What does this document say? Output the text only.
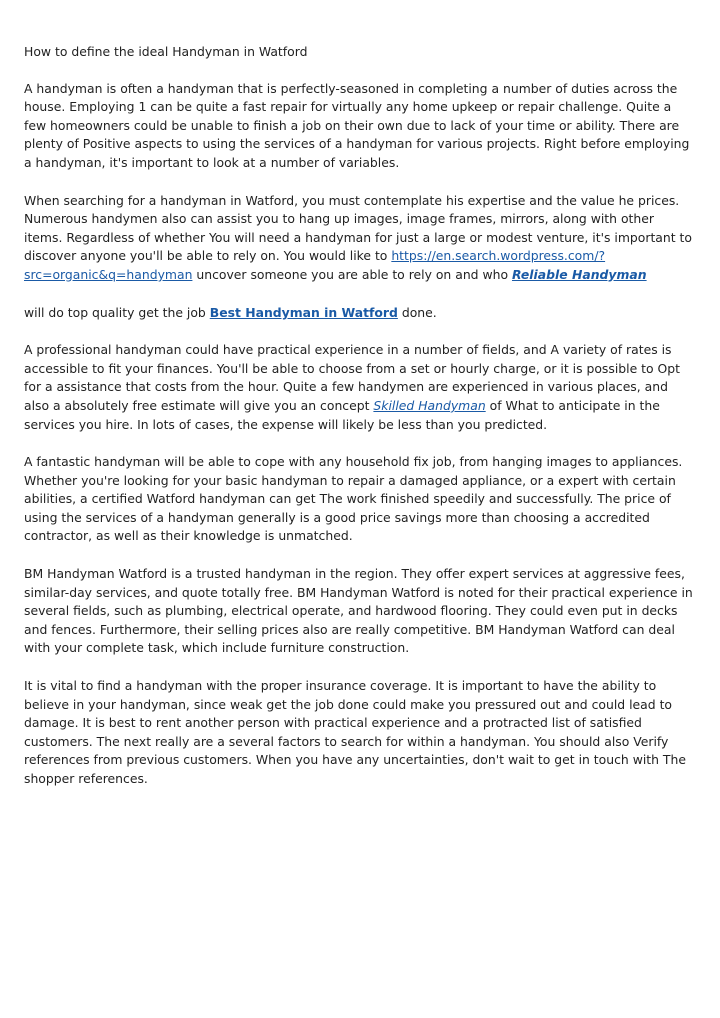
How to define the ideal Handyman in Watford

A handyman is often a handyman that is perfectly-seasoned in completing a number of duties across the house. Employing 1 can be quite a fast repair for virtually any home upkeep or repair challenge. Quite a few homeowners could be unable to finish a job on their own due to lack of your time or ability. There are plenty of Positive aspects to using the services of a handyman for various projects. Right before employing a handyman, it's important to look at a number of variables.

When searching for a handyman in Watford, you must contemplate his expertise and the value he prices. Numerous handymen also can assist you to hang up images, image frames, mirrors, along with other items. Regardless of whether You will need a handyman for just a large or modest venture, it's important to discover anyone you'll be able to rely on. You would like to https://en.search.wordpress.com/?src=organic&q=handyman uncover someone you are able to rely on and who Reliable Handyman

will do top quality get the job Best Handyman in Watford done.

A professional handyman could have practical experience in a number of fields, and A variety of rates is accessible to fit your finances. You'll be able to choose from a set or hourly charge, or it is possible to Opt for a assistance that costs from the hour. Quite a few handymen are experienced in various places, and also a absolutely free estimate will give you an concept Skilled Handyman of What to anticipate in the services you hire. In lots of cases, the expense will likely be less than you predicted.

A fantastic handyman will be able to cope with any household fix job, from hanging images to appliances. Whether you're looking for your basic handyman to repair a damaged appliance, or a expert with certain abilities, a certified Watford handyman can get The work finished speedily and successfully. The price of using the services of a handyman generally is a good price savings more than choosing a accredited contractor, as well as their knowledge is unmatched.

BM Handyman Watford is a trusted handyman in the region. They offer expert services at aggressive fees, similar-day services, and quote totally free. BM Handyman Watford is noted for their practical experience in several fields, such as plumbing, electrical operate, and hardwood flooring. They could even put in decks and fences. Furthermore, their selling prices also are really competitive. BM Handyman Watford can deal with your complete task, which include furniture construction.

It is vital to find a handyman with the proper insurance coverage. It is important to have the ability to believe in your handyman, since weak get the job done could make you pressured out and could lead to damage. It is best to rent another person with practical experience and a protracted list of satisfied customers. The next really are a several factors to search for within a handyman. You should also Verify references from previous customers. When you have any uncertainties, don't wait to get in touch with The shopper references.
